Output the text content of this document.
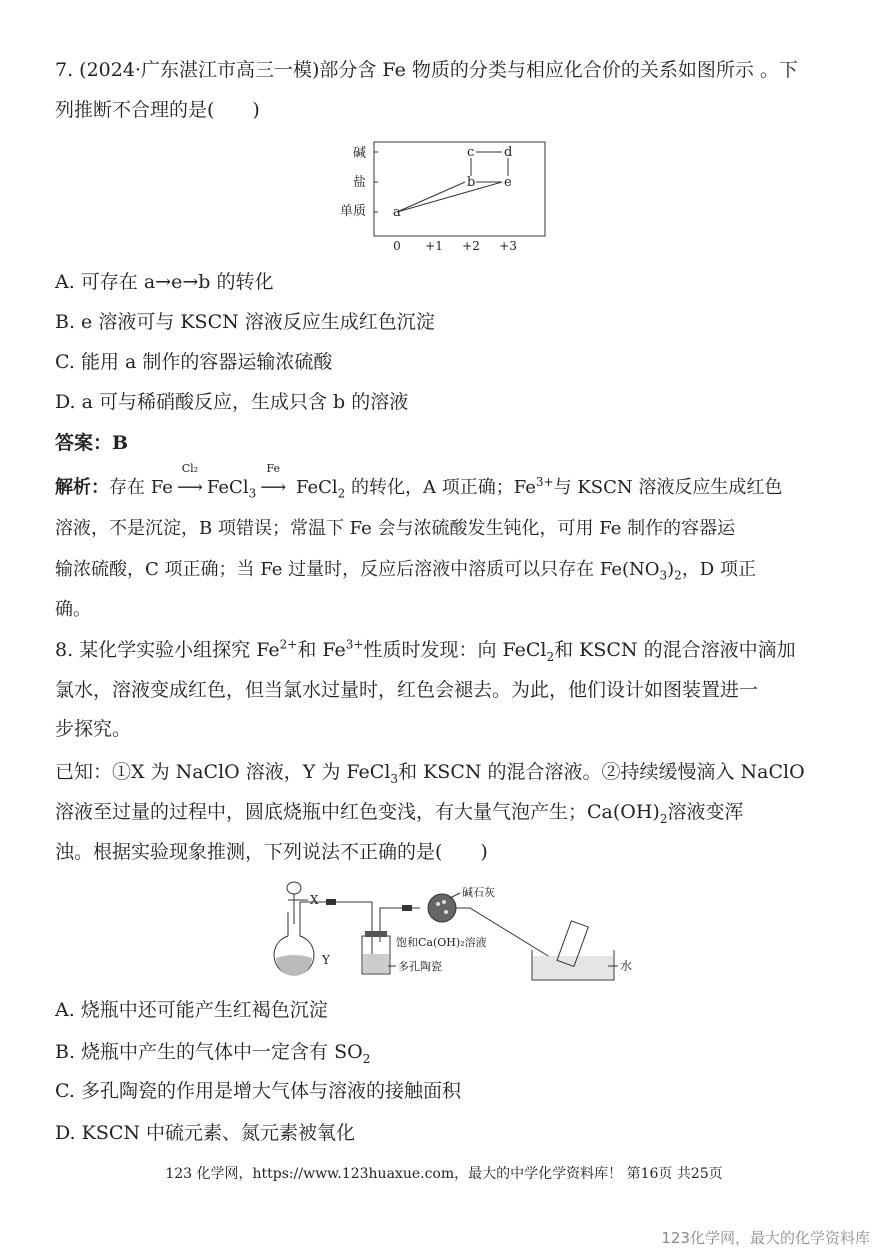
7. (2024·广东湛江市高三一模)部分含 Fe 物质的分类与相应化合价的关系如图所示 。下
列推断不合理的是(　　)
碱
盐
单质
0 +1 +2 +3
a
b
c d
e
A. 可存在 a→e→b 的转化
B. e 溶液可与 KSCN 溶液反应生成红色沉淀
C. 能用 a 制作的容器运输浓硫酸
D. a 可与稀硝酸反应，生成只含 b 的溶液
答案：B
解析：存在 Fe
Cl₂
⟶ FeCl$_3$
Fe
⟶ FeCl$_2$ 的转化，A 项正确；$Fe^{3+}$与 KSCN 溶液反应生成红色
溶液，不是沉淀，B 项错误；常温下 Fe 会与浓硫酸发生钝化，可用 Fe 制作的容器运
输浓硫酸，C 项正确；当 Fe 过量时，反应后溶液中溶质可以只存在 $Fe(NO_3)_2$，D 项正
确。
8. 某化学实验小组探究 $Fe^{2+}$和 $Fe^{3+}$性质时发现：向 FeCl$_2$和 KSCN 的混合溶液中滴加
氯水，溶液变成红色，但当氯水过量时，红色会褪去。为此，他们设计如图装置进一
步探究。
已知：①X 为 NaClO 溶液，Y 为 FeCl$_3$和 KSCN 的混合溶液。②持续缓慢滴入 NaClO
溶液至过量的过程中，圆底烧瓶中红色变浅，有大量气泡产生；$Ca(OH)_2$溶液变浑
浊。根据实验现象推测，下列说法不正确的是(　　)
X
Y
饱和Ca(OH)₂溶液
多孔陶瓷
碱石灰
水
A. 烧瓶中还可能产生红褐色沉淀
B. 烧瓶中产生的气体中一定含有 $SO_2$
C. 多孔陶瓷的作用是增大气体与溶液的接触面积
D. KSCN 中硫元素、氮元素被氧化
123 化学网，https://www.123huaxue.com，最大的中学化学资料库！ 第16页 共25页
123化学网，最大的化学资料库
